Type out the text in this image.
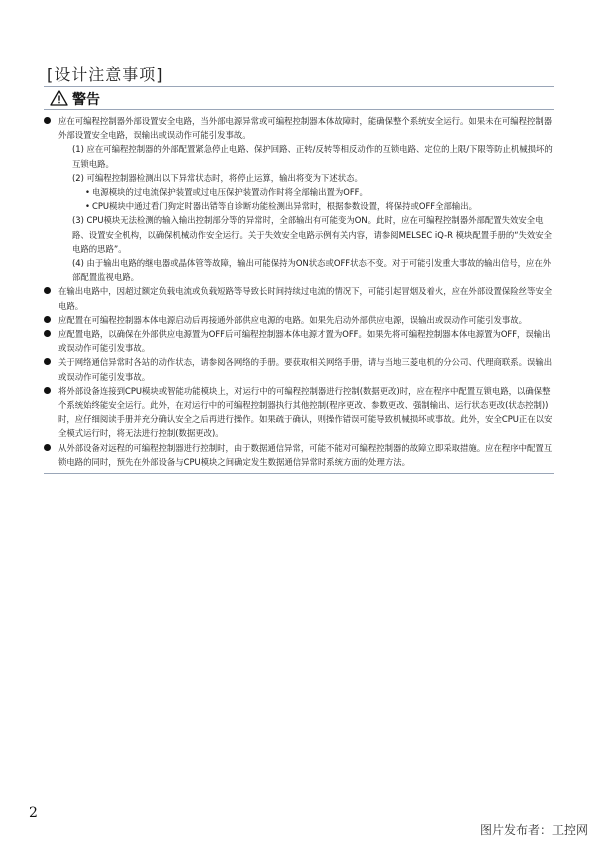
[设计注意事项]
警告
应在可编程控制器外部设置安全电路，当外部电源异常或可编程控制器本体故障时，能确保整个系统安全运行。如果未在可编程控制器外部设置安全电路，误输出或误动作可能引发事故。
(1) 应在可编程控制器的外部配置紧急停止电路、保护回路、正转/反转等相反动作的互锁电路、定位的上限/下限等防止机械损坏的互锁电路。
(2) 可编程控制器检测出以下异常状态时，将停止运算，输出将变为下述状态。
• 电源模块的过电流保护装置或过电压保护装置动作时将全部输出置为OFF。
• CPU模块中通过看门狗定时器出错等自诊断功能检测出异常时，根据参数设置，将保持或OFF全部输出。
(3) CPU模块无法检测的输入输出控制部分等的异常时，全部输出有可能变为ON。此时，应在可编程控制器外部配置失效安全电路、设置安全机构，以确保机械动作安全运行。关于失效安全电路示例有关内容，请参阅MELSEC iQ-R 模块配置手册的“失效安全电路的思路”。
(4) 由于输出电路的继电器或晶体管等故障，输出可能保持为ON状态或OFF状态不变。对于可能引发重大事故的输出信号，应在外部配置监视电路。
在输出电路中，因超过额定负载电流或负载短路等导致长时间持续过电流的情况下，可能引起冒烟及着火，应在外部设置保险丝等安全电路。
应配置在可编程控制器本体电源启动后再接通外部供应电源的电路。如果先启动外部供应电源，误输出或误动作可能引发事故。
应配置电路，以确保在外部供应电源置为OFF后可编程控制器本体电源才置为OFF。如果先将可编程控制器本体电源置为OFF，误输出或误动作可能引发事故。
关于网络通信异常时各站的动作状态，请参阅各网络的手册。要获取相关网络手册，请与当地三菱电机的分公司、代理商联系。误输出或误动作可能引发事故。
将外部设备连接到CPU模块或智能功能模块上，对运行中的可编程控制器进行控制(数据更改)时，应在程序中配置互锁电路，以确保整个系统始终能安全运行。此外，在对运行中的可编程控制器执行其他控制(程序更改、参数更改、强制输出、运行状态更改(状态控制))时，应仔细阅读手册并充分确认安全之后再进行操作。如果疏于确认，则操作错误可能导致机械损坏或事故。此外，安全CPU正在以安全模式运行时，将无法进行控制(数据更改)。
从外部设备对远程的可编程控制器进行控制时，由于数据通信异常，可能不能对可编程控制器的故障立即采取措施。应在程序中配置互锁电路的同时，预先在外部设备与CPU模块之间确定发生数据通信异常时系统方面的处理方法。
2
图片发布者：工控网
